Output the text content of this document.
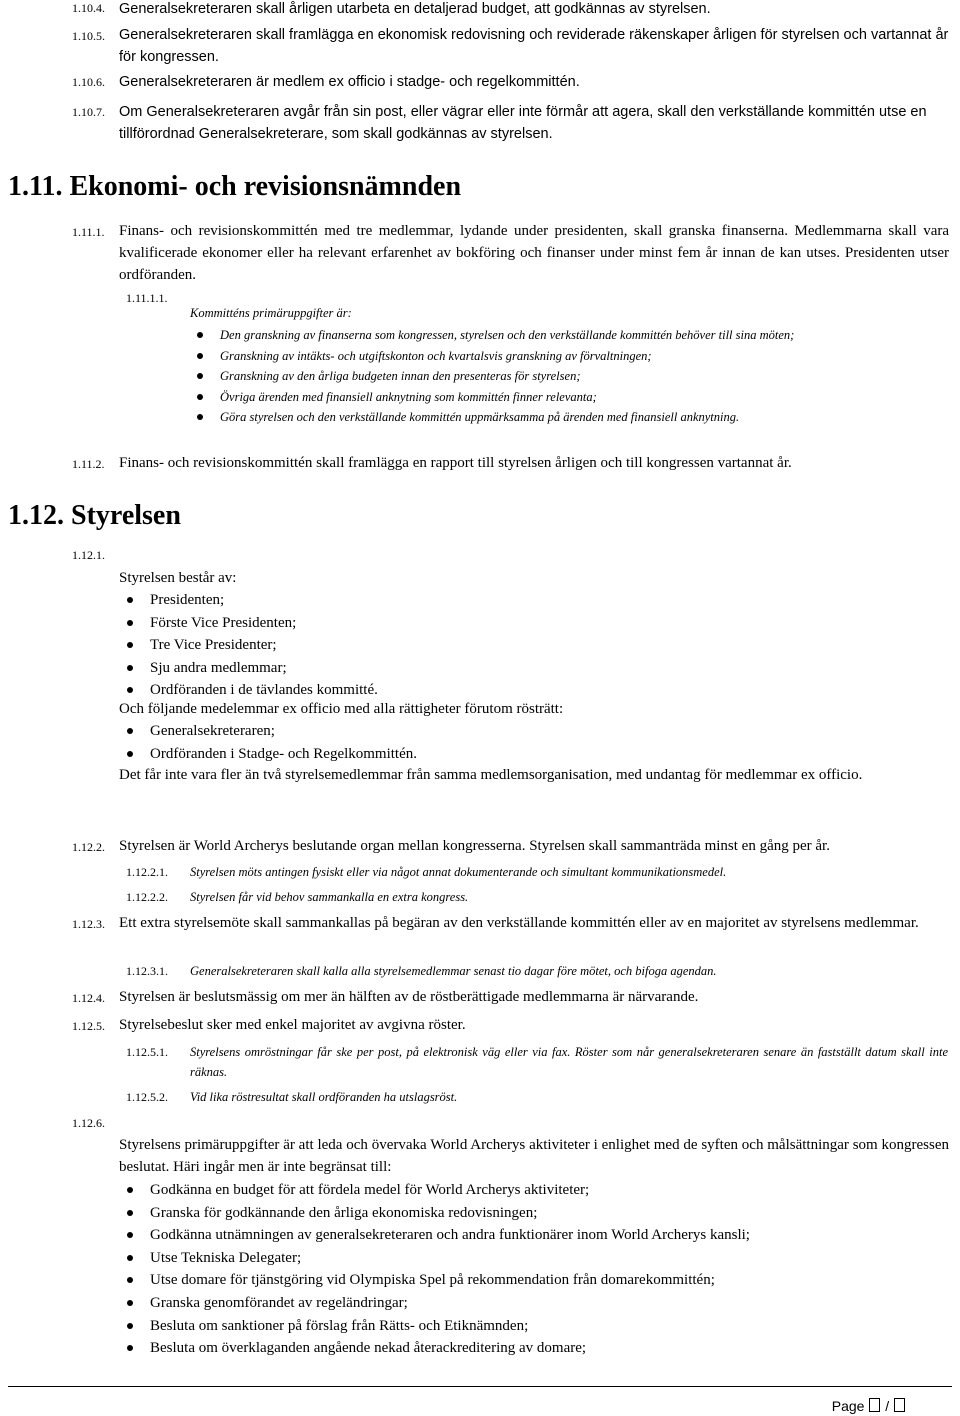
1.10.4. Generalsekreteraren skall årligen utarbeta en detaljerad budget, att godkännas av styrelsen.
1.10.5. Generalsekreteraren skall framlägga en ekonomisk redovisning och reviderade räkenskaper årligen för styrelsen och vartannat år för kongressen.
1.10.6. Generalsekreteraren är medlem ex officio i stadge- och regelkommittén.
1.10.7. Om Generalsekreteraren avgår från sin post, eller vägrar eller inte förmår att agera, skall den verkställande kommittén utse en tillförordnad Generalsekreterare, som skall godkännas av styrelsen.
1.11. Ekonomi- och revisionsnämnden
1.11.1. Finans- och revisionskommittén med tre medlemmar, lydande under presidenten, skall granska finanserna. Medlemmarna skall vara kvalificerade ekonomer eller ha relevant erfarenhet av bokföring och finanser under minst fem år innan de kan utses. Presidenten utser ordföranden.
1.11.1.1.
Kommitténs primäruppgifter är:
Den granskning av finanserna som kongressen, styrelsen och den verkställande kommittén behöver till sina möten;
Granskning av intäkts- och utgiftskonton och kvartalsvis granskning av förvaltningen;
Granskning av den årliga budgeten innan den presenteras för styrelsen;
Övriga ärenden med finansiell anknytning som kommittén finner relevanta;
Göra styrelsen och den verkställande kommittén uppmärksamma på ärenden med finansiell anknytning.
1.11.2. Finans- och revisionskommittén skall framlägga en rapport till styrelsen årligen och till kongressen vartannat år.
1.12. Styrelsen
1.12.1.
Styrelsen består av:
Presidenten;
Förste Vice Presidenten;
Tre Vice Presidenter;
Sju andra medlemmar;
Ordföranden i de tävlandes kommitté.
Och följande medelemmar ex officio med alla rättigheter förutom rösträtt:
Generalsekreteraren;
Ordföranden i Stadge- och Regelkommittén.
Det får inte vara fler än två styrelsemedlemmar från samma medlemsorganisation, med undantag för medlemmar ex officio.
1.12.2. Styrelsen är World Archerys beslutande organ mellan kongresserna. Styrelsen skall sammanträda minst en gång per år.
1.12.2.1. Styrelsen möts antingen fysiskt eller via något annat dokumenterande och simultant kommunikationsmedel.
1.12.2.2. Styrelsen får vid behov sammankalla en extra kongress.
1.12.3. Ett extra styrelsemöte skall sammankallas på begäran av den verkställande kommittén eller av en majoritet av styrelsens medlemmar.
1.12.3.1. Generalsekreteraren skall kalla alla styrelsemedlemmar senast tio dagar före mötet, och bifoga agendan.
1.12.4. Styrelsen är beslutsmässig om mer än hälften av de röstberättigade medlemmarna är närvarande.
1.12.5. Styrelsebeslut sker med enkel majoritet av avgivna röster.
1.12.5.1. Styrelsens omröstningar får ske per post, på elektronisk väg eller via fax. Röster som når generalsekreteraren senare än fastställt datum skall inte räknas.
1.12.5.2. Vid lika röstresultat skall ordföranden ha utslagsröst.
1.12.6.
Styrelsens primäruppgifter är att leda och övervaka World Archerys aktiviteter i enlighet med de syften och målsättningar som kongressen beslutat. Häri ingår men är inte begränsat till:
Godkänna en budget för att fördela medel för World Archerys aktiviteter;
Granska för godkännande den årliga ekonomiska redovisningen;
Godkänna utnämningen av generalsekreteraren och andra funktionärer inom World Archerys kansli;
Utse Tekniska Delegater;
Utse domare för tjänstgöring vid Olympiska Spel på rekommendation från domarekommittén;
Granska genomförandet av regeländringar;
Besluta om sanktioner på förslag från Rätts- och Etiknämnden;
Besluta om överklaganden angående nekad återackreditering av domare;
Page /
